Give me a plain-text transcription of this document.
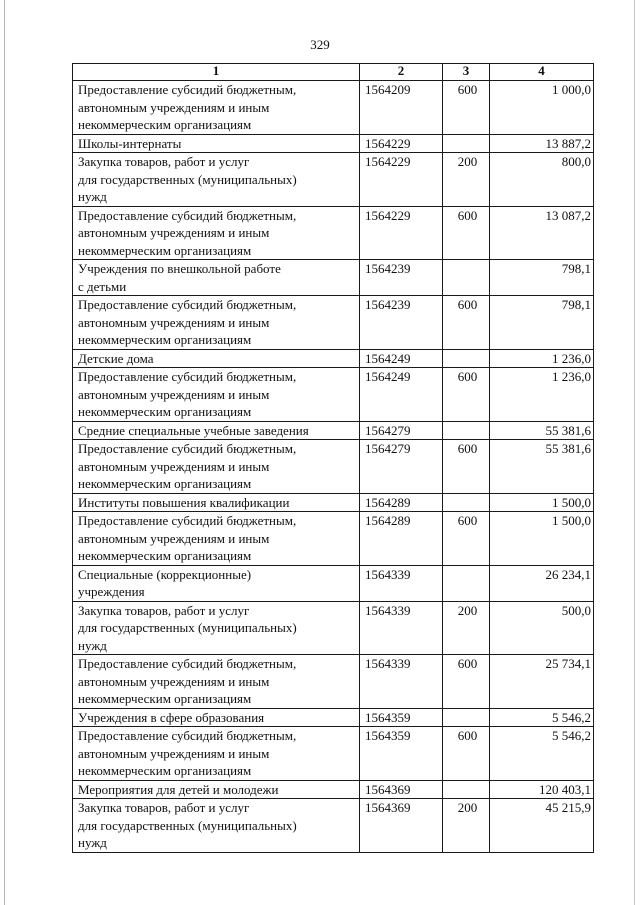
329
1	2	3	4

Предоставление субсидий бюджетным,
автономным учреждениям и иным
некоммерческим организациям	1564209	600	1 000,0

Школы-интернаты	1564229		13 887,2

Закупка товаров, работ и услуг
для государственных (муниципальных)
нужд	1564229	200	800,0

Предоставление субсидий бюджетным,
автономным учреждениям и иным
некоммерческим организациям	1564229	600	13 087,2

Учреждения по внешкольной работе
с детьми	1564239		798,1

Предоставление субсидий бюджетным,
автономным учреждениям и иным
некоммерческим организациям	1564239	600	798,1

Детские дома	1564249		1 236,0

Предоставление субсидий бюджетным,
автономным учреждениям и иным
некоммерческим организациям	1564249	600	1 236,0

Средние специальные учебные заведения	1564279		55 381,6

Предоставление субсидий бюджетным,
автономным учреждениям и иным
некоммерческим организациям	1564279	600	55 381,6

Институты повышения квалификации	1564289		1 500,0

Предоставление субсидий бюджетным,
автономным учреждениям и иным
некоммерческим организациям	1564289	600	1 500,0

Специальные (коррекционные)
учреждения	1564339		26 234,1

Закупка товаров, работ и услуг
для государственных (муниципальных)
нужд	1564339	200	500,0

Предоставление субсидий бюджетным,
автономным учреждениям и иным
некоммерческим организациям	1564339	600	25 734,1

Учреждения в сфере образования	1564359		5 546,2

Предоставление субсидий бюджетным,
автономным учреждениям и иным
некоммерческим организациям	1564359	600	5 546,2

Мероприятия для детей и молодежи	1564369		120 403,1

Закупка товаров, работ и услуг
для государственных (муниципальных)
нужд	1564369	200	45 215,9
